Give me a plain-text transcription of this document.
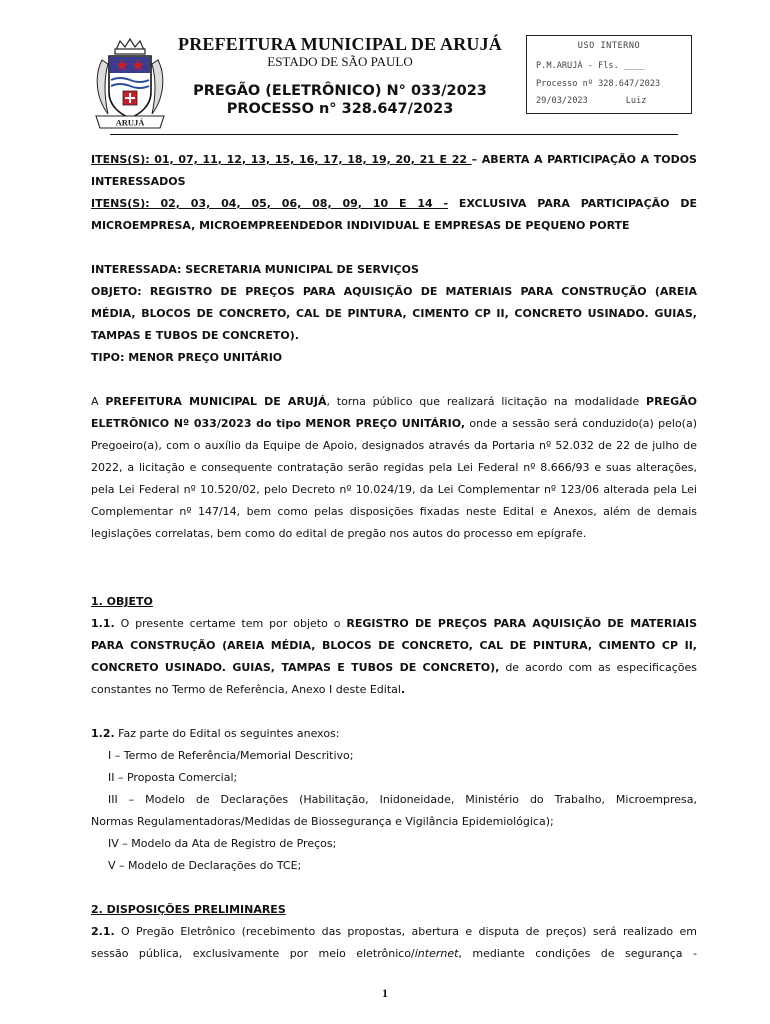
ARUJÁ
PREFEITURA MUNICIPAL DE ARUJÁ
ESTADO DE SÃO PAULO
PREGÃO (ELETRÔNICO) N° 033/2023
PROCESSO n° 328.647/2023
USO INTERNO
P.M.ARUJÁ - Fls. ____
Processo nº 328.647/2023
29/03/2023	Luiz

ITENS(S): 01, 07, 11, 12, 13, 15, 16, 17, 18, 19, 20, 21 E 22 – ABERTA A PARTICIPAÇÃO A TODOS INTERESSADOS

ITENS(S): 02, 03, 04, 05, 06, 08, 09, 10 E 14 - EXCLUSIVA PARA PARTICIPAÇÃO DE MICROEMPRESA, MICROEMPREENDEDOR INDIVIDUAL E EMPRESAS DE PEQUENO PORTE

INTERESSADA: SECRETARIA MUNICIPAL DE SERVIÇOS

OBJETO: REGISTRO DE PREÇOS PARA AQUISIÇÃO DE MATERIAIS PARA CONSTRUÇÃO (AREIA MÉDIA, BLOCOS DE CONCRETO, CAL DE PINTURA, CIMENTO CP II, CONCRETO USINADO. GUIAS, TAMPAS E TUBOS DE CONCRETO).

TIPO: MENOR PREÇO UNITÁRIO

A PREFEITURA MUNICIPAL DE ARUJÁ, torna público que realizará licitação na modalidade PREGÃO ELETRÔNICO Nº 033/2023 do tipo MENOR PREÇO UNITÁRIO, onde a sessão será conduzido(a) pelo(a) Pregoeiro(a), com o auxílio da Equipe de Apoio, designados através da Portaria nº 52.032 de 22 de julho de 2022, a licitação e consequente contratação serão regidas pela Lei Federal nº 8.666/93 e suas alterações, pela Lei Federal nº 10.520/02, pelo Decreto nº 10.024/19, da Lei Complementar nº 123/06 alterada pela Lei Complementar nº 147/14, bem como pelas disposições fixadas neste Edital e Anexos, além de demais legislações correlatas, bem como do edital de pregão nos autos do processo em epígrafe.

1. OBJETO

1.1. O presente certame tem por objeto o REGISTRO DE PREÇOS PARA AQUISIÇÃO DE MATERIAIS PARA CONSTRUÇÃO (AREIA MÉDIA, BLOCOS DE CONCRETO, CAL DE PINTURA, CIMENTO CP II, CONCRETO USINADO. GUIAS, TAMPAS E TUBOS DE CONCRETO), de acordo com as especificações constantes no Termo de Referência, Anexo I deste Edital.

1.2. Faz parte do Edital os seguintes anexos:

I – Termo de Referência/Memorial Descritivo;
II – Proposta Comercial;
III – Modelo de Declarações (Habilitação, Inidoneidade, Ministério do Trabalho, Microempresa,
Normas Regulamentadoras/Medidas de Biossegurança e Vigilância Epidemiológica);
IV – Modelo da Ata de Registro de Preços;
V – Modelo de Declarações do TCE;

2. DISPOSIÇÕES PRELIMINARES

2.1. O Pregão Eletrônico (recebimento das propostas, abertura e disputa de preços) será realizado em sessão pública, exclusivamente por meio eletrônico/internet, mediante condições de segurança -

1
